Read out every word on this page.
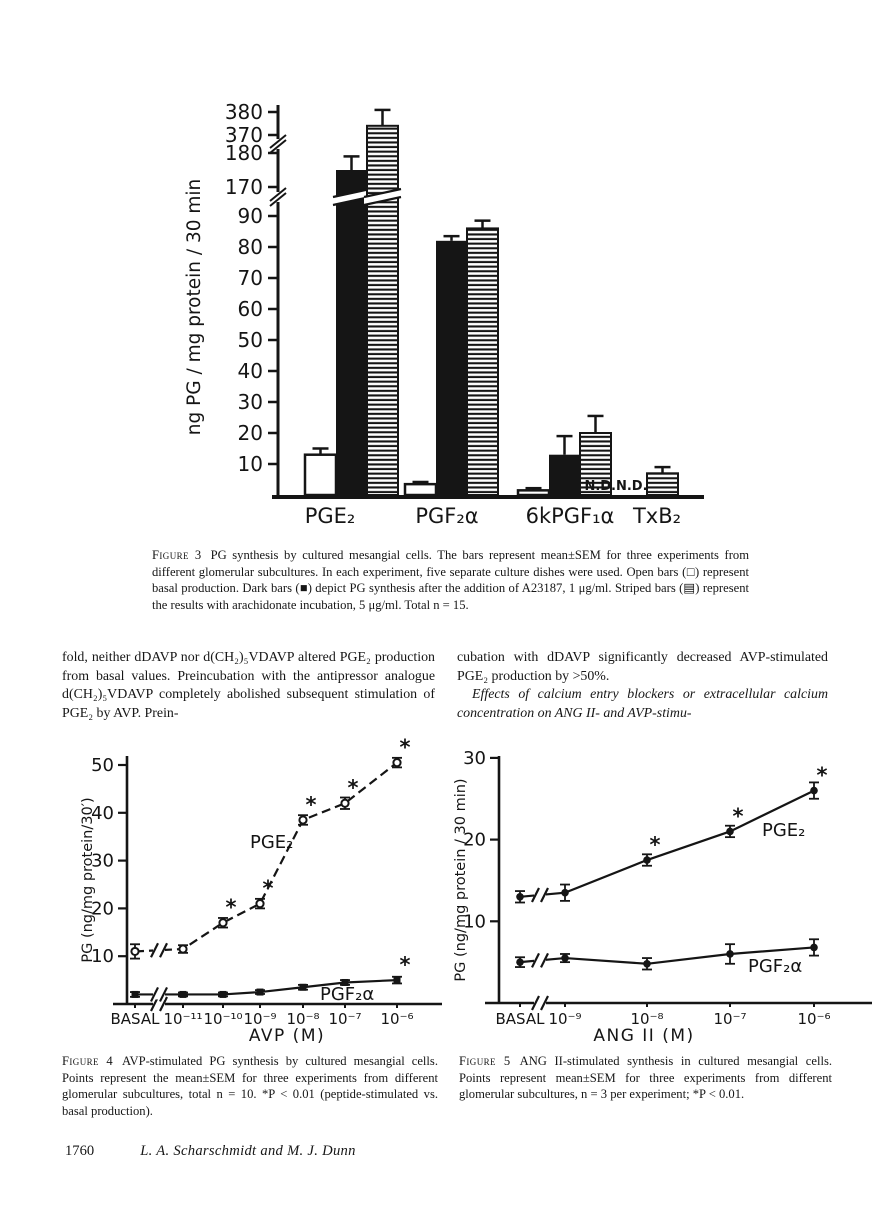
10
20
30
40
50
60
70
80
90
170
180
370
380
N.D.N.D.
PGE₂	PGF₂α 6kPGF₁α TxB₂
ng PG / mg protein / 30 min

Figure 3 PG synthesis by cultured mesangial cells. The bars represent mean±SEM for three experiments from different glomerular subcultures. In each experiment, five separate culture dishes were used. Open bars (□) represent basal production. Dark bars (■) depict PG synthesis after the addition of A23187, 1 μg/ml. Striped bars (▤) represent the results with arachidonate incubation, 5 μg/ml. Total n = 15.

fold, neither dDAVP nor d(CH₂)₅VDAVP altered PGE₂ production from basal values. Preincubation with the antipressor analogue d(CH₂)₅VDAVP completely abolished subsequent stimulation of PGE₂ by AVP. Prein-

cubation with dDAVP significantly decreased AVP-stimulated PGE₂ production by >50%.

Effects of calcium entry blockers or extracellular calcium concentration on ANG II- and AVP-stimu-

10
20
30
40
50
BASAL 10⁻¹¹ 10⁻¹⁰ 10⁻⁹ 10⁻⁸ 10⁻⁷ 10⁻⁶
AVP (M)
PG (ng/mg protein/30′)	*
*
*
*
*
PGE₂
*
PGF₂α
10
20
30
BASAL 10⁻⁹	10⁻⁸	10⁻⁷	10⁻⁶
ANG II (M)
PG (ng/mg protein / 30 min)	*
*
*
PGE₂
PGF₂α

Figure 4 AVP-stimulated PG synthesis by cultured mesangial cells. Points represent the mean±SEM for three experiments from different glomerular subcultures, total n = 10. *P < 0.01 (peptide-stimulated vs. basal production).

Figure 5 ANG II-stimulated synthesis in cultured mesangial cells. Points represent mean±SEM for three experiments from different glomerular subcultures, n = 3 per experiment; *P < 0.01.

1760	L. A. Scharschmidt and M. J. Dunn
